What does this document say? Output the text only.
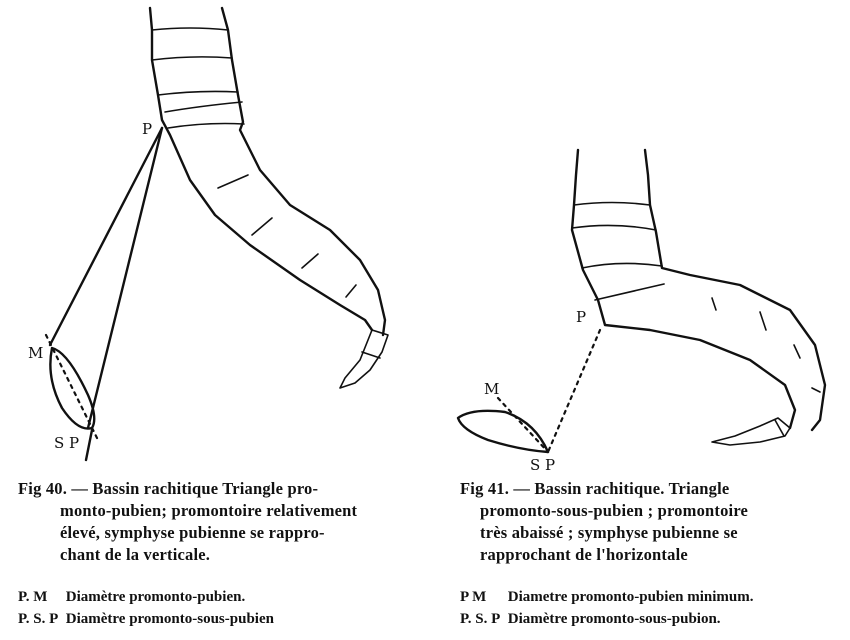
P
M
S P
P
M
S P
Fig 40. — Bassin rachitique Triangle pro-
monto-pubien; promontoire relativement
élevé, symphyse pubienne se rappro-
chant de la verticale.
P. M Diamètre promonto-pubien.
P. S. P Diamètre promonto-sous-pubien
Fig 41. — Bassin rachitique. Triangle
promonto-sous-pubien ; promontoire
très abaissé ; symphyse pubienne se
rapprochant de l'horizontale
P M Diametre promonto-pubien minimum.
P. S. P Diamètre promonto-sous-pubion.
